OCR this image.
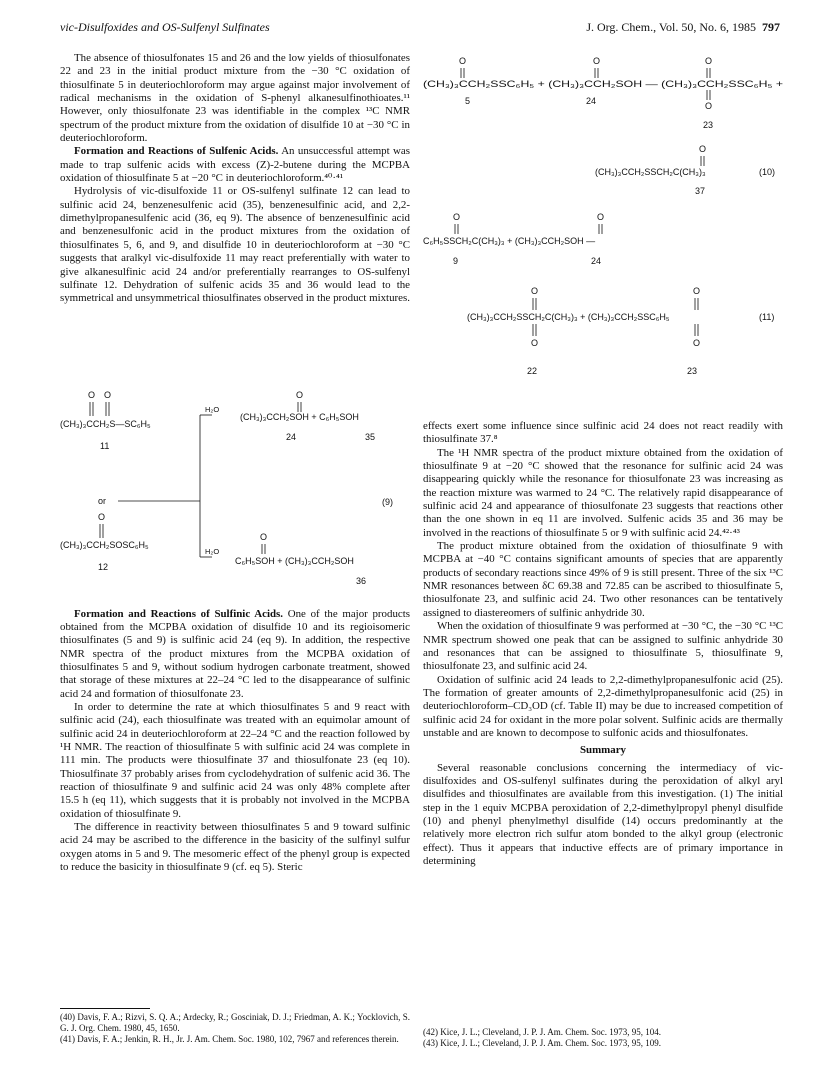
vic-Disulfoxides and OS-Sulfenyl Sulfinates	J. Org. Chem., Vol. 50, No. 6, 1985 797

The absence of thiosulfonates 15 and 26 and the low yields of thiosulfonates 22 and 23 in the initial product mixture from the −30 °C oxidation of thiosulfinate 5 in deuteriochloroform may argue against major involvement of radical mechanisms in the oxidation of S-phenyl alkanesulfinothioates.¹¹ However, only thiosulfonate 23 was identifiable in the complex ¹³C NMR spectrum of the product mixture from the oxidation of disulfide 10 at −30 °C in deuteriochloroform.

Formation and Reactions of Sulfenic Acids. An unsuccessful attempt was made to trap sulfenic acids with excess (Z)-2-butene during the MCPBA oxidation of thiosulfinate 5 at −20 °C in deuteriochloroform.⁴⁰·⁴¹

Hydrolysis of vic-disulfoxide 11 or OS-sulfenyl sulfinate 12 can lead to sulfinic acid 24, benzenesulfenic acid (35), benzenesulfinic acid, and 2,2-dimethylpropanesulfenic acid (36, eq 9). The absence of benzenesulfinic acid and benzenesulfonic acid in the product mixtures from the oxidation of thiosulfinates 5, 6, and 9, and disulfide 10 in deuteriochloroform at −30 °C suggests that aralkyl vic-disulfoxide 11 may react preferentially with water to give alkanesulfinic acid 24 and/or preferentially rearranges to OS-sulfenyl sulfinate 12. Dehydration of sulfenic acids 35 and 36 would lead to the symmetrical and unsymmetrical thiosulfinates observed in the product mixtures.

O O
(CH₃)₃CCH₂S—SC₆H₅
11
or	(9)
O
(CH₃)₃CCH₂SOSC₆H₅
12
H₂O
H₂O
O
(CH₃)₃CCH₂SOH + C₆H₅SOH
24	35
O
C₆H₅SOH + (CH₃)₃CCH₂SOH
36

Formation and Reactions of Sulfinic Acids. One of the major products obtained from the MCPBA oxidation of disulfide 10 and its regioisomeric thiosulfinates (5 and 9) is sulfinic acid 24 (eq 9). In addition, the respective NMR spectra of the product mixtures from the MCPBA oxidation of thiosulfinates 5 and 9, without sodium hydrogen carbonate treatment, showed that storage of these mixtures at 22–24 °C led to the disappearance of sulfinic acid 24 and formation of thiosulfonate 23.

In order to determine the rate at which thiosulfinates 5 and 9 react with sulfinic acid (24), each thiosulfinate was treated with an equimolar amount of sulfinic acid 24 in deuteriochloroform at 22–24 °C and the reaction followed by ¹H NMR. The reaction of thiosulfinate 5 with sulfinic acid 24 was complete in 111 min. The products were thiosulfinate 37 and thiosulfonate 23 (eq 10). Thiosulfinate 37 probably arises from cyclodehydration of sulfenic acid 36. The reaction of thiosulfinate 9 and sulfinic acid 24 was only 48% complete after 15.5 h (eq 11), which suggests that it is probably not involved in the MCPBA oxidation of thiosulfinate 9.

The difference in reactivity between thiosulfinates 5 and 9 toward sulfinic acid 24 may be ascribed to the difference in the basicity of the sulfinyl sulfur oxygen atoms in 5 and 9. The mesomeric effect of the phenyl group is expected to reduce the basicity in thiosulfinate 9 (cf. eq 5). Steric

(40) Davis, F. A.; Rizvi, S. Q. A.; Ardecky, R.; Gosciniak, D. J.; Friedman, A. K.; Yocklovich, S. G. J. Org. Chem. 1980, 45, 1650.
(41) Davis, F. A.; Jenkin, R. H., Jr. J. Am. Chem. Soc. 1980, 102, 7967 and references therein.
O	O	O
(CH₃)₃CCH₂SSC₆H₅ + (CH₃)₃CCH₂SOH — (CH₃)₃CCH₂SSC₆H₅ +
O
5	24
23
O
(CH₃)₃CCH₂SSCH₂C(CH₃)₃	(10)
37
O	O
C₆H₅SSCH₂C(CH₃)₃ + (CH₃)₃CCH₂SOH —
9	24
O	O
(CH₃)₃CCH₂SSCH₂C(CH₃)₃ + (CH₃)₃CCH₂SSC₆H₅	(11)
O	O
22	23

effects exert some influence since sulfinic acid 24 does not react readily with thiosulfinate 37.⁸

The ¹H NMR spectra of the product mixture obtained from the oxidation of thiosulfinate 9 at −20 °C showed that the resonance for sulfinic acid 24 was disappearing quickly while the resonance for thiosulfonate 23 was increasing as the reaction mixture was warmed to 24 °C. The relatively rapid disappearance of sulfinic acid 24 and appearance of thiosulfonate 23 suggests that reactions other than the one shown in eq 11 are involved. Sulfenic acids 35 and 36 may be involved in the reactions of thiosulfinate 5 or 9 with sulfinic acid 24.⁴²·⁴³

The product mixture obtained from the oxidation of thiosulfinate 9 with MCPBA at −40 °C contains significant amounts of species that are apparently products of secondary reactions since 49% of 9 is still present. Three of the six ¹³C NMR resonances between δC 69.38 and 72.85 can be ascribed to thiosulfinate 5, thiosulfonate 23, and sulfinic acid 24. Two other resonances can be tentatively assigned to diastereomers of sulfinic anhydride 30.

When the oxidation of thiosulfinate 9 was performed at −30 °C, the −30 °C ¹³C NMR spectrum showed one peak that can be assigned to sulfinic anhydride 30 and resonances that can be assigned to thiosulfinate 5, thiosulfinate 9, thiosulfonate 23, and sulfinic acid 24.

Oxidation of sulfinic acid 24 leads to 2,2-dimethylpropanesulfonic acid (25). The formation of greater amounts of 2,2-dimethylpropanesulfonic acid (25) in deuteriochloroform–CD₃OD (cf. Table II) may be due to increased competition of sulfinic acid 24 for oxidant in the more polar solvent. Sulfinic acids are thermally unstable and are known to decompose to sulfonic acids and thiosulfonates.

Summary

Several reasonable conclusions concerning the intermediacy of vic-disulfoxides and OS-sulfenyl sulfinates during the peroxidation of alkyl aryl disulfides and thiosulfinates are available from this investigation. (1) The initial step in the 1 equiv MCPBA peroxidation of 2,2-dimethylpropyl phenyl disulfide (10) and phenyl phenylmethyl disulfide (14) occurs predominantly at the relatively more electron rich sulfur atom bonded to the alkyl group (electronic effect). Thus it appears that inductive effects are of primary importance in determining

(42) Kice, J. L.; Cleveland, J. P. J. Am. Chem. Soc. 1973, 95, 104.
(43) Kice, J. L.; Cleveland, J. P. J. Am. Chem. Soc. 1973, 95, 109.
